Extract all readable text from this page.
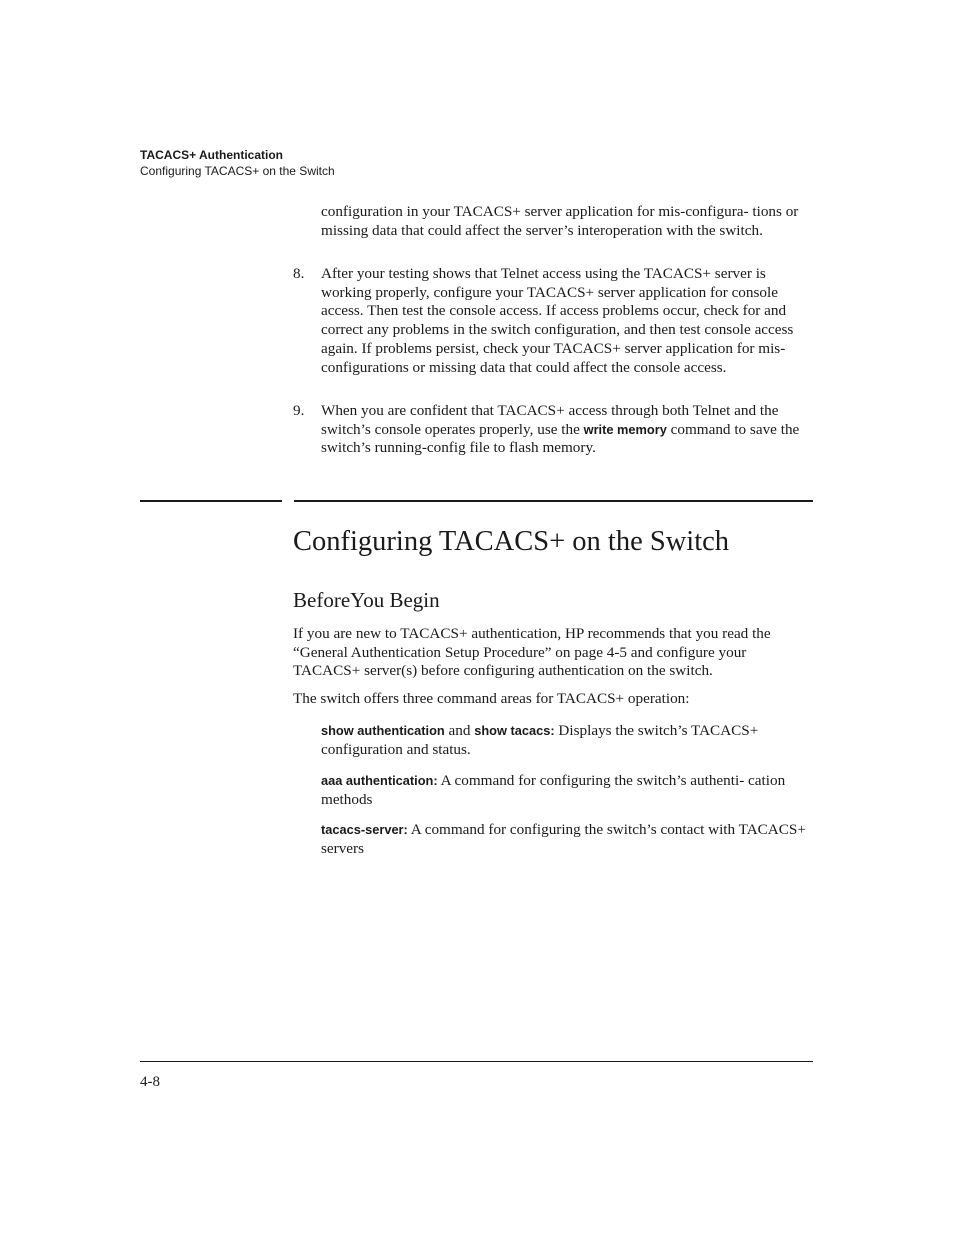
TACACS+ Authentication
Configuring TACACS+ on the Switch

configuration in your TACACS+ server application for mis-configura- tions or missing data that could affect the server’s interoperation with the switch.

8. After your testing shows that Telnet access using the TACACS+ server is working properly, configure your TACACS+ server application for console access. Then test the console access. If access problems occur, check for and correct any problems in the switch configuration, and then test console access again. If problems persist, check your TACACS+ server application for mis-configurations or missing data that could affect the console access.

9. When you are confident that TACACS+ access through both Telnet and the switch’s console operates properly, use the write memory command to save the switch’s running-config file to flash memory.

Configuring TACACS+ on the Switch
BeforeYou Begin

If you are new to TACACS+ authentication, HP recommends that you read the “General Authentication Setup Procedure” on page 4-5 and configure your TACACS+ server(s) before configuring authentication on the switch.

The switch offers three command areas for TACACS+ operation:

show authentication and show tacacs: Displays the switch’s TACACS+ configuration and status.

aaa authentication: A command for configuring the switch’s authenti- cation methods

tacacs-server: A command for configuring the switch’s contact with TACACS+ servers

4-8
